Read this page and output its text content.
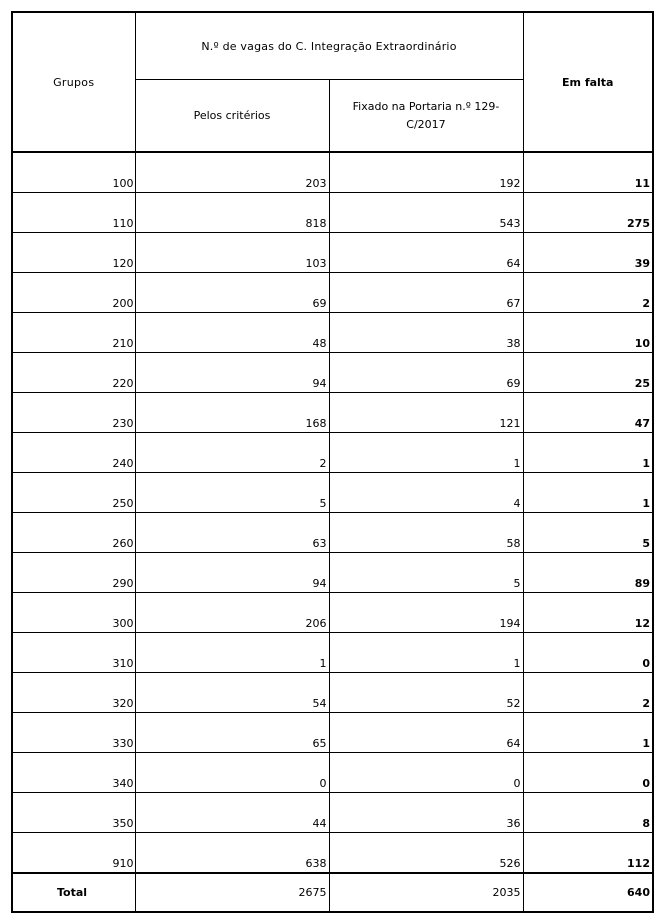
Grupos	N.º de vagas do C. Integração Extraordinário		Em falta
	Pelos critérios	Fixado na Portaria n.º 129-C/2017	
100	203	192	11
110	818	543	275
120	103	64	39
200	69	67	2
210	48	38	10
220	94	69	25
230	168	121	47
240	2	1	1
250	5	4	1
260	63	58	5
290	94	5	89
300	206	194	12
310	1	1	0
320	54	52	2
330	65	64	1
340	0	0	0
350	44	36	8
910	638	526	112
Total	2675	2035	640
